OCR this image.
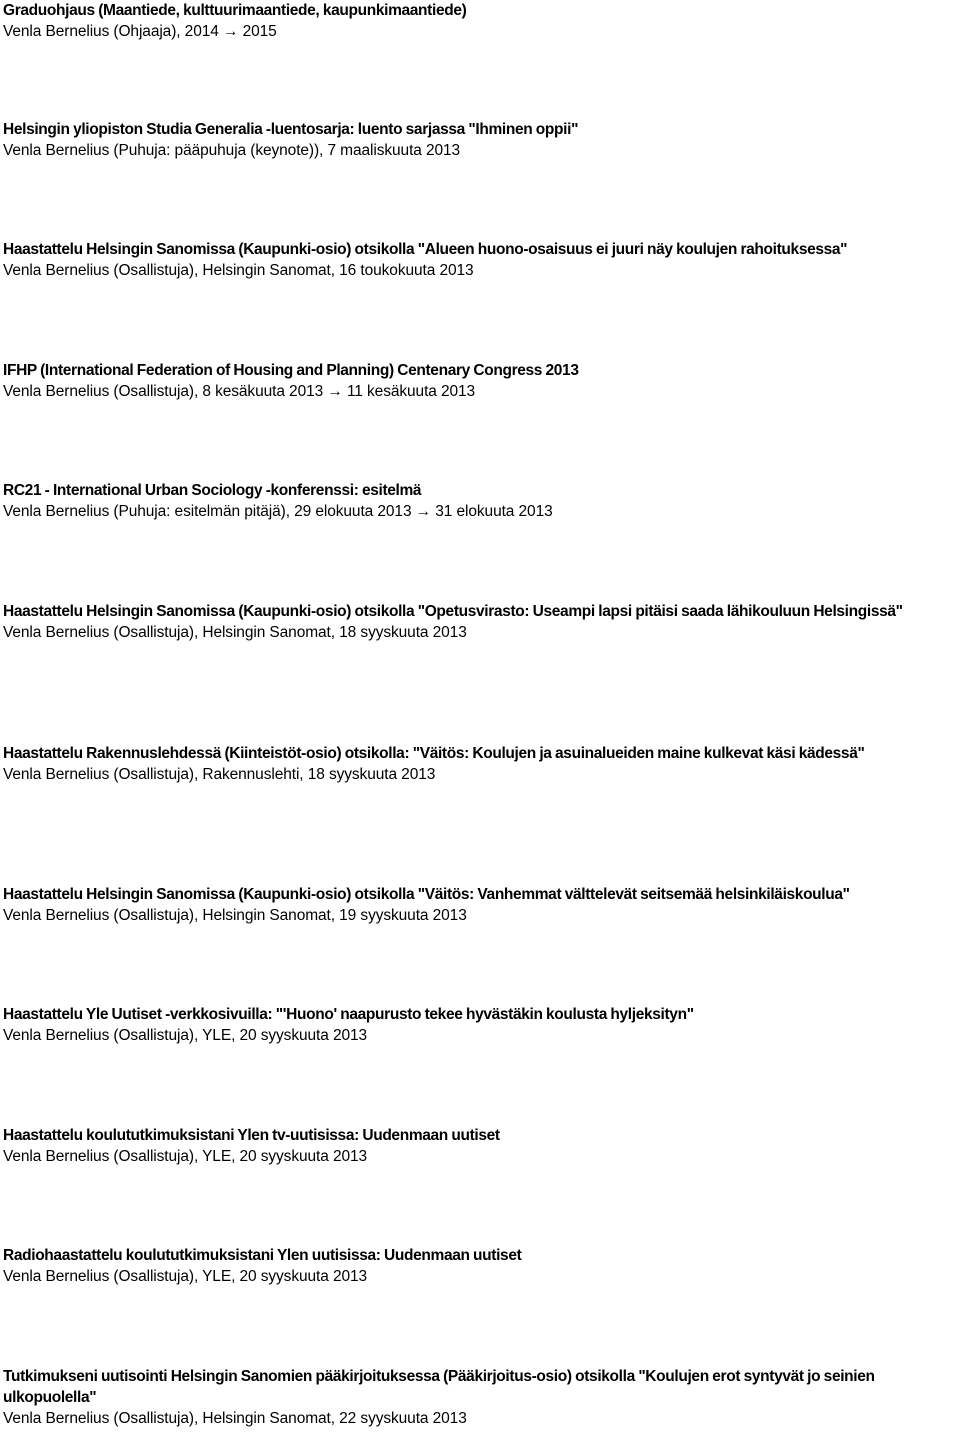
Graduohjaus (Maantiede, kulttuurimaantiede, kaupunkimaantiede)
Venla Bernelius (Ohjaaja), 2014 → 2015
Helsingin yliopiston Studia Generalia -luentosarja: luento sarjassa "Ihminen oppii"
Venla Bernelius (Puhuja: pääpuhuja (keynote)), 7 maaliskuuta 2013
Haastattelu Helsingin Sanomissa (Kaupunki-osio) otsikolla "Alueen huono-osaisuus ei juuri näy koulujen rahoituksessa"
Venla Bernelius (Osallistuja), Helsingin Sanomat, 16 toukokuuta 2013
IFHP (International Federation of Housing and Planning) Centenary Congress 2013
Venla Bernelius (Osallistuja), 8 kesäkuuta 2013 → 11 kesäkuuta 2013
RC21 - International Urban Sociology -konferenssi: esitelmä
Venla Bernelius (Puhuja: esitelmän pitäjä), 29 elokuuta 2013 → 31 elokuuta 2013
Haastattelu Helsingin Sanomissa (Kaupunki-osio) otsikolla "Opetusvirasto: Useampi lapsi pitäisi saada lähikouluun Helsingissä"
Venla Bernelius (Osallistuja), Helsingin Sanomat, 18 syyskuuta 2013
Haastattelu Rakennuslehdessä (Kiinteistöt-osio) otsikolla: "Väitös: Koulujen ja asuinalueiden maine kulkevat käsi kädessä"
Venla Bernelius (Osallistuja), Rakennuslehti, 18 syyskuuta 2013
Haastattelu Helsingin Sanomissa (Kaupunki-osio) otsikolla "Väitös: Vanhemmat välttelevät seitsemää helsinkiläiskoulua"
Venla Bernelius (Osallistuja), Helsingin Sanomat, 19 syyskuuta 2013
Haastattelu Yle Uutiset -verkkosivuilla: "'Huono' naapurusto tekee hyvästäkin koulusta hyljeksityn"
Venla Bernelius (Osallistuja), YLE, 20 syyskuuta 2013
Haastattelu koulututkimuksistani Ylen tv-uutisissa: Uudenmaan uutiset
Venla Bernelius (Osallistuja), YLE, 20 syyskuuta 2013
Radiohaastattelu koulututkimuksistani Ylen uutisissa: Uudenmaan uutiset
Venla Bernelius (Osallistuja), YLE, 20 syyskuuta 2013
Tutkimukseni uutisointi Helsingin Sanomien pääkirjoituksessa (Pääkirjoitus-osio) otsikolla "Koulujen erot syntyvät jo seinien ulkopuolella"
Venla Bernelius (Osallistuja), Helsingin Sanomat, 22 syyskuuta 2013
